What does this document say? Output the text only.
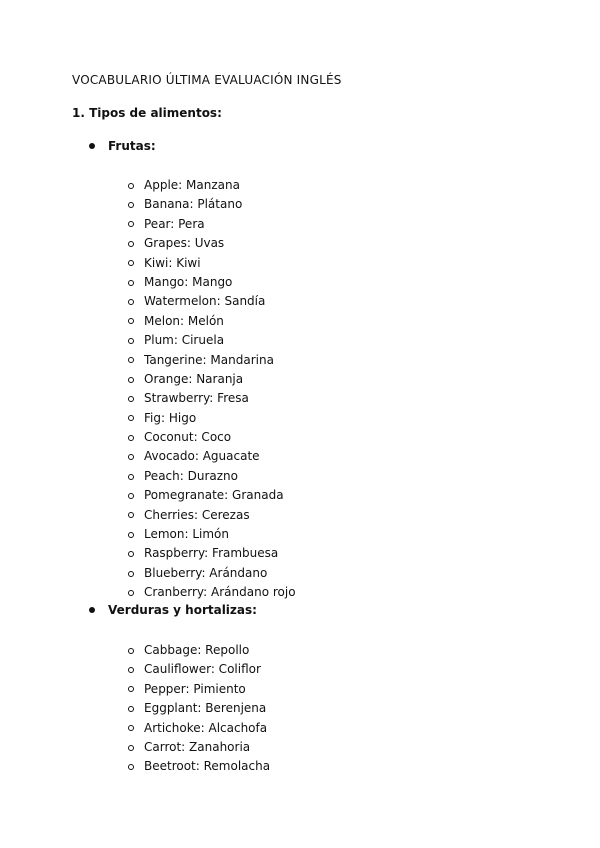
VOCABULARIO ÚLTIMA EVALUACIÓN INGLÉS
1. Tipos de alimentos:
Frutas:
Apple: Manzana
Banana: Plátano
Pear: Pera
Grapes: Uvas
Kiwi: Kiwi
Mango: Mango
Watermelon: Sandía
Melon: Melón
Plum: Ciruela
Tangerine: Mandarina
Orange: Naranja
Strawberry: Fresa
Fig: Higo
Coconut: Coco
Avocado: Aguacate
Peach: Durazno
Pomegranate: Granada
Cherries: Cerezas
Lemon: Limón
Raspberry: Frambuesa
Blueberry: Arándano
Cranberry: Arándano rojo
Verduras y hortalizas:
Cabbage: Repollo
Cauliflower: Coliflor
Pepper: Pimiento
Eggplant: Berenjena
Artichoke: Alcachofa
Carrot: Zanahoria
Beetroot: Remolacha
